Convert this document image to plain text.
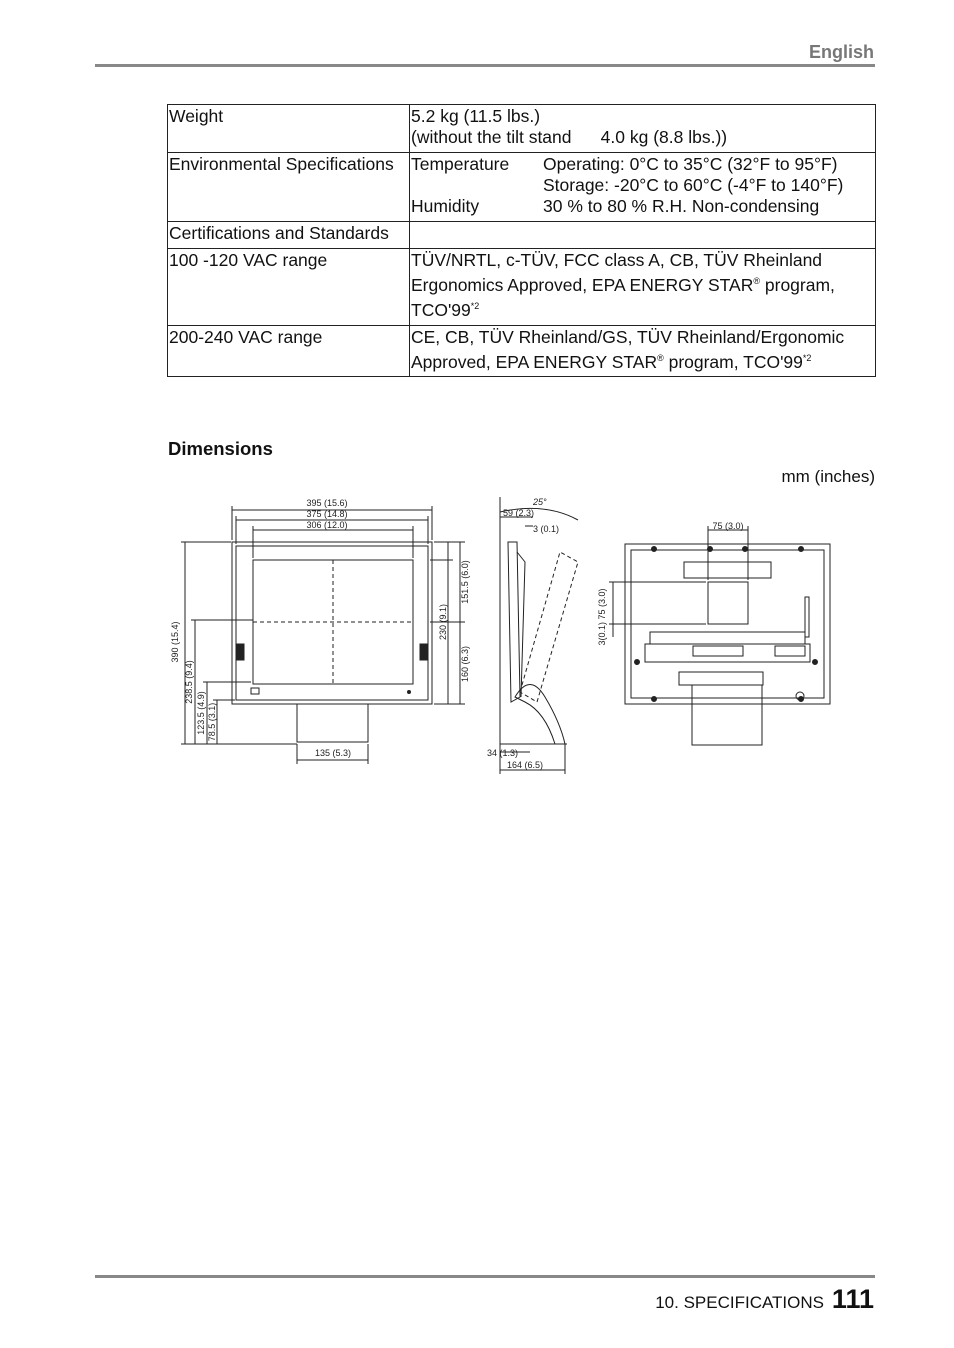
English
Weight	5.2 kg (11.5 lbs.)
(without the tilt stand      4.0 kg (8.8 lbs.))

Environmental Specifications	Temperature Operating: 0°C to 35°C (32°F to 95°F)
Storage: -20°C to 60°C (-4°F to 140°F)
Humidity 30 % to 80 % R.H. Non-condensing

Certifications and Standards	
100 -120 VAC range	TÜV/NRTL, c-TÜV, FCC class A, CB, TÜV Rheinland
Ergonomics Approved, EPA ENERGY STAR® program,
TCO'99$^{*2}$

200-240 VAC range	CE, CB, TÜV Rheinland/GS, TÜV Rheinland/Ergonomic
Approved, EPA ENERGY STAR® program, TCO'99$^{*2}$
Dimensions
mm (inches)
395 (15.6)
375 (14.8)
306 (12.0)
390 (15.4)
238.5 (9.4)
123.5 (4.9) 78.5 (3.1)
151.5 (6.0)
230 (9.1)
160 (6.3)
135 (5.3)
25°
59 (2.3)
3 (0.1)
34 (1.3)
164 (6.5)
75 (3.0)
3(0.1) 75 (3.0)
10. SPECIFICATIONS 111
